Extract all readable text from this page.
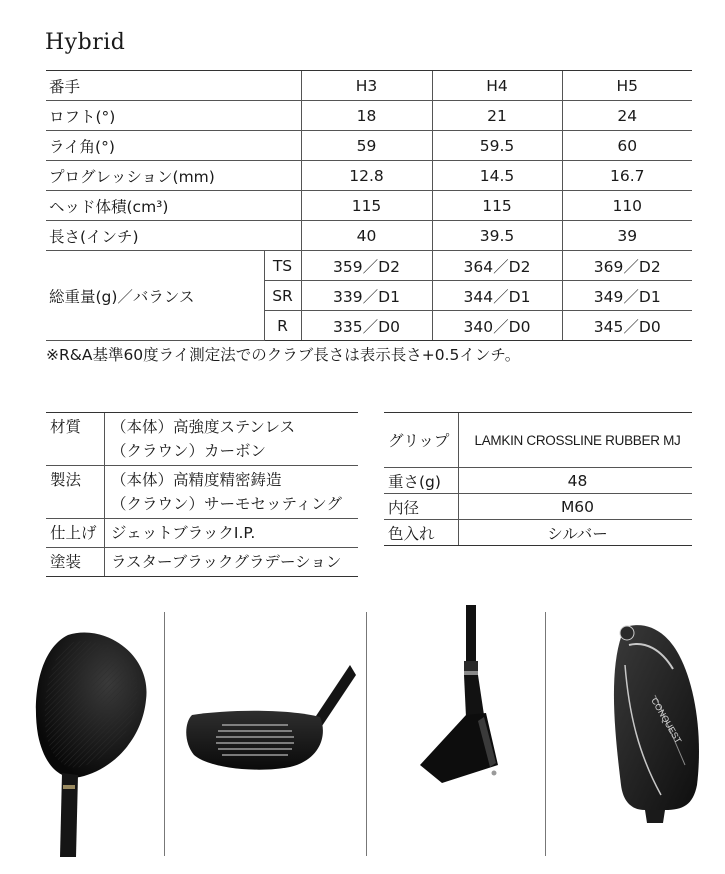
Hybrid
番手		H3	H4	H5
ロフト(°)		18	21	24
ライ角(°)		59	59.5	60
プログレッション(mm)		12.8	14.5	16.7
ヘッド体積(cm³)		115	115	110
長さ(インチ)		40	39.5	39
総重量(g)／バランス	TS	359／D2	364／D2	369／D2
	SR	339／D1	344／D1	349／D1
	R	335／D0	340／D0	345／D0
※R&A基準60度ライ測定法でのクラブ長さは表示長さ+0.5インチ。
材質	（本体）高強度ステンレス
（クラウン）カーボン

製法	（本体）高精度精密鋳造
（クラウン）サーモセッティング

仕上げ	ジェットブラックI.P.

塗装	ラスターブラックグラデーション
グリップ	LAMKIN CROSSLINE RUBBER MJ
重さ(g)	48
内径	M60
色入れ	シルバー
CONQUEST
